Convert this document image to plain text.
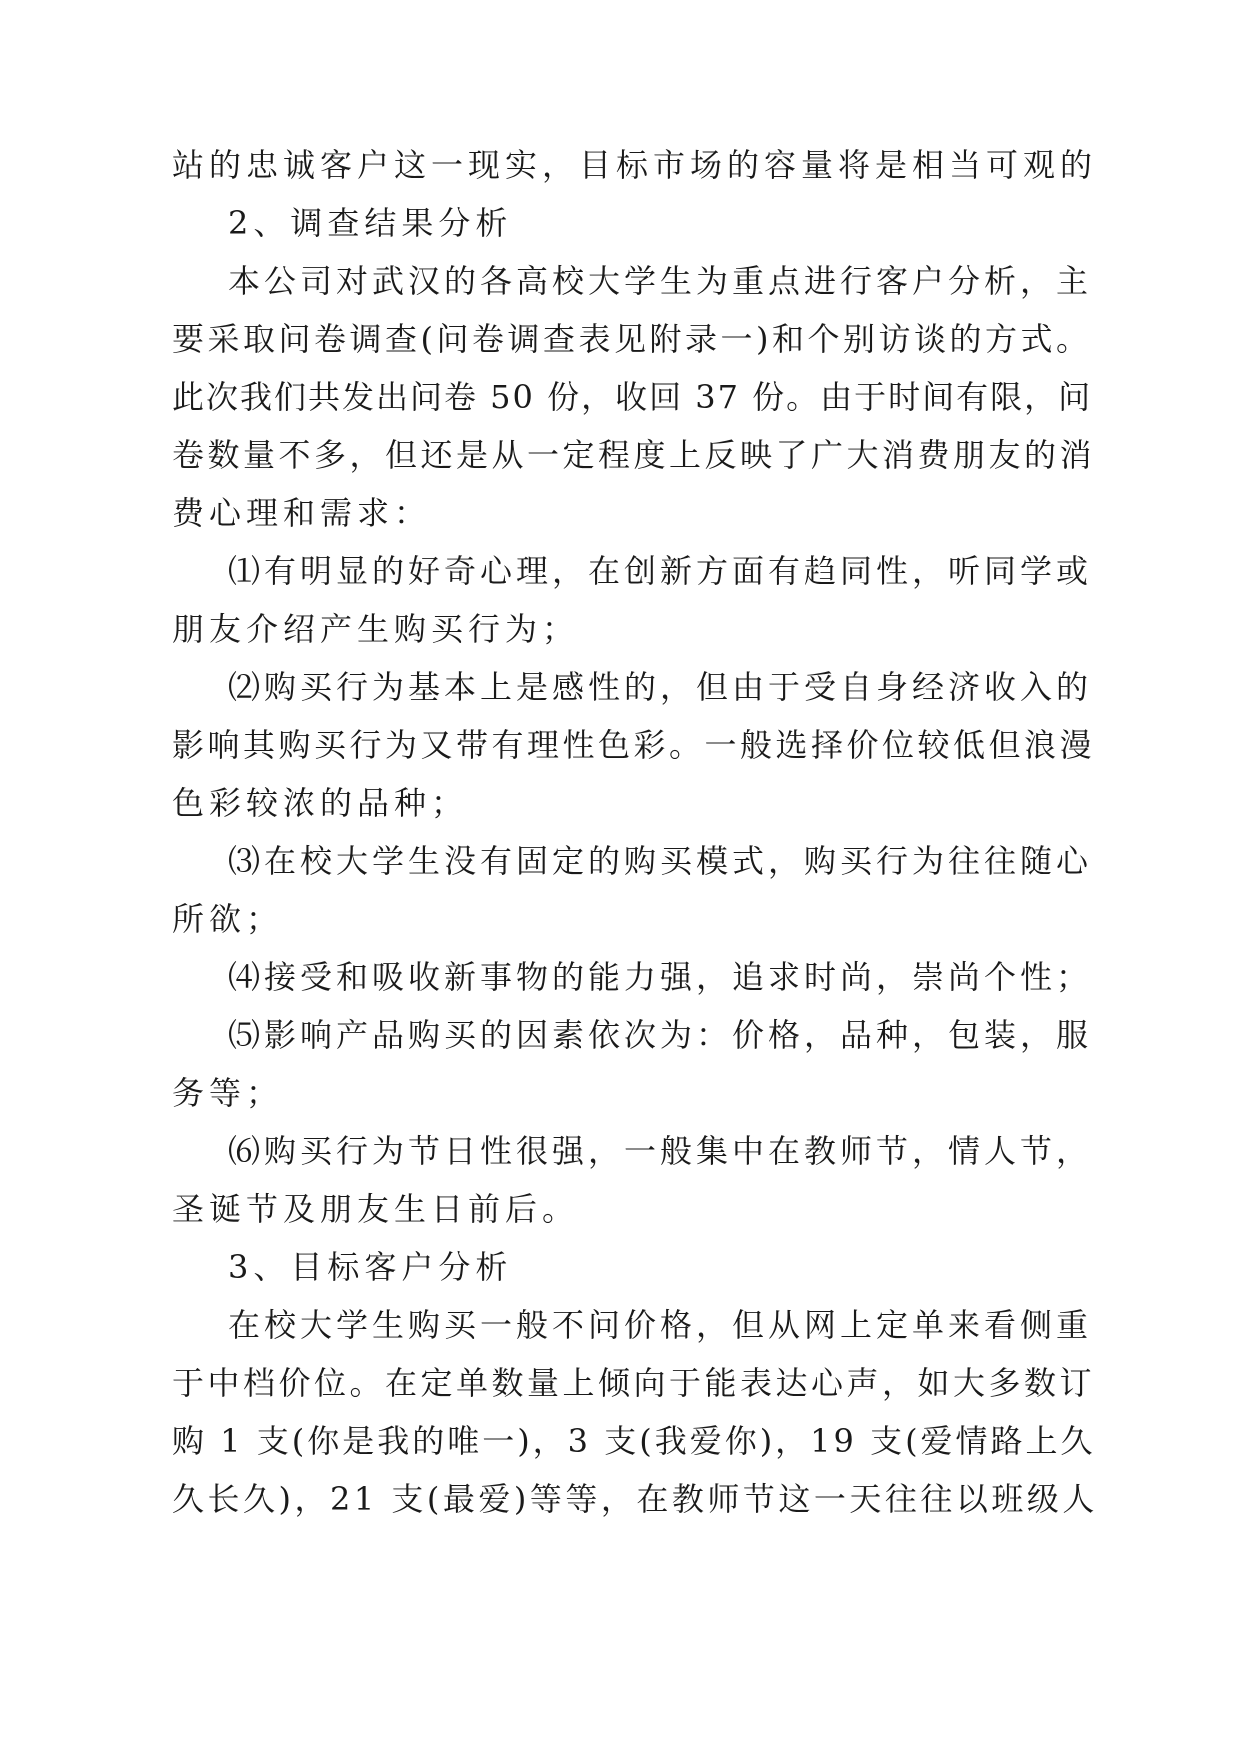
站的忠诚客户这一现实，目标市场的容量将是相当可观的
2、调查结果分析
本公司对武汉的各高校大学生为重点进行客户分析，主
要采取问卷调查(问卷调查表见附录一)和个别访谈的方式。
此次我们共发出问卷 50 份，收回 37 份。由于时间有限，问
卷数量不多，但还是从一定程度上反映了广大消费朋友的消
费心理和需求：
⑴有明显的好奇心理，在创新方面有趋同性，听同学或
朋友介绍产生购买行为；
⑵购买行为基本上是感性的，但由于受自身经济收入的
影响其购买行为又带有理性色彩。一般选择价位较低但浪漫
色彩较浓的品种；
⑶在校大学生没有固定的购买模式，购买行为往往随心
所欲；
⑷接受和吸收新事物的能力强，追求时尚，崇尚个性；
⑸影响产品购买的因素依次为：价格，品种，包装，服
务等；
⑹购买行为节日性很强，一般集中在教师节，情人节，
圣诞节及朋友生日前后。
3、目标客户分析
在校大学生购买一般不问价格，但从网上定单来看侧重
于中档价位。在定单数量上倾向于能表达心声，如大多数订
购 1 支(你是我的唯一)，3 支(我爱你)，19 支(爱情路上久
久长久)，21 支(最爱)等等，在教师节这一天往往以班级人
